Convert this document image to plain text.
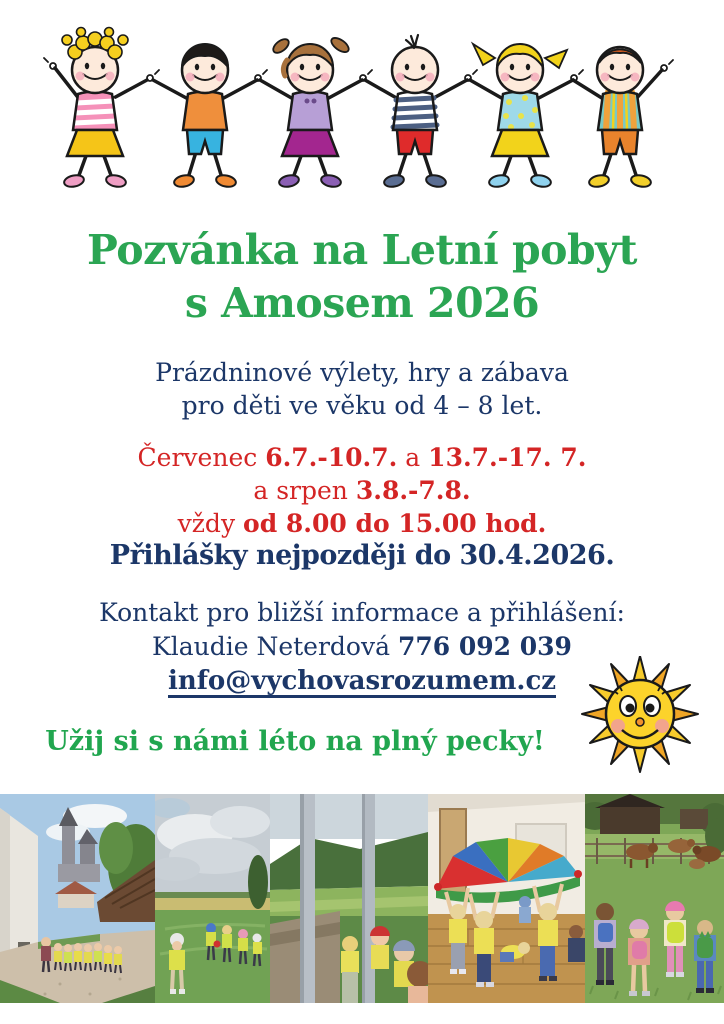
Pozvánka na Letní pobyt
s Amosem 2026

Prázdninové výlety, hry a zábava
pro děti ve věku od 4 – 8 let.

Červenec 6.7.-10.7. a 13.7.-17. 7.
a srpen 3.8.-7.8.
vždy od 8.00 do 15.00 hod.

Přihlášky nejpozději do 30.4.2026.

Kontakt pro bližší informace a přihlášení:
Klaudie Neterdová 776 092 039
info@vychovasrozumem.cz

Užij si s námi léto na plný pecky!
